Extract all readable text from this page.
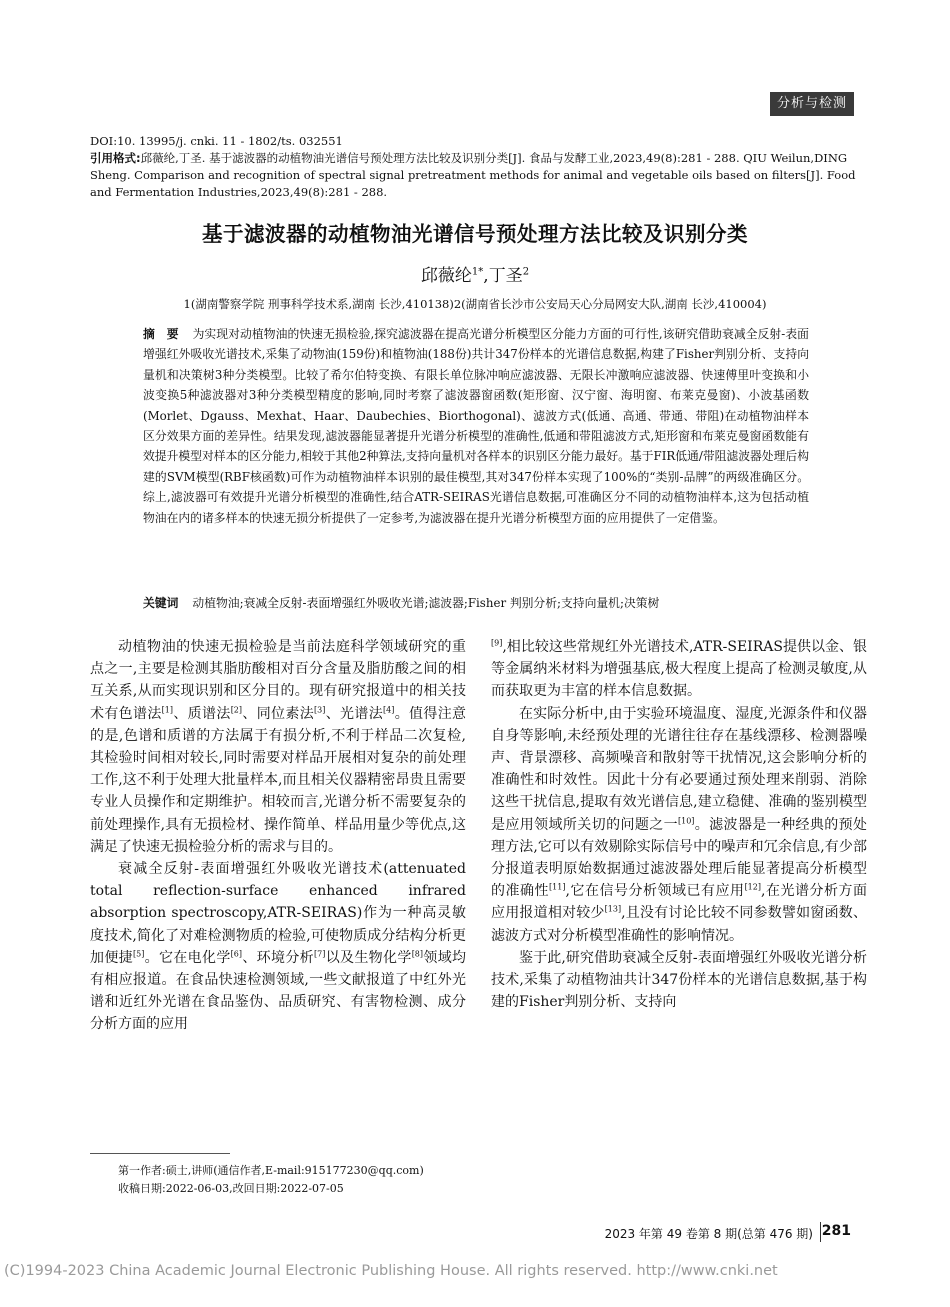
分析与检测
DOI:10. 13995/j. cnki. 11 - 1802/ts. 032551
引用格式:邱薇纶,丁圣. 基于滤波器的动植物油光谱信号预处理方法比较及识别分类[J]. 食品与发酵工业,2023,49(8):281 - 288. QIU Weilun,DING Sheng. Comparison and recognition of spectral signal pretreatment methods for animal and vegetable oils based on filters[J]. Food and Fermentation Industries,2023,49(8):281 - 288.
基于滤波器的动植物油光谱信号预处理方法比较及识别分类
邱薇纶$^{1*}$,丁圣$^2$
1(湖南警察学院 刑事科学技术系,湖南 长沙,410138)2(湖南省长沙市公安局天心分局网安大队,湖南 长沙,410004)
摘　要 为实现对动植物油的快速无损检验,探究滤波器在提高光谱分析模型区分能力方面的可行性,该研究借助衰减全反射-表面增强红外吸收光谱技术,采集了动物油(159份)和植物油(188份)共计347份样本的光谱信息数据,构建了Fisher判别分析、支持向量机和决策树3种分类模型。比较了希尔伯特变换、有限长单位脉冲响应滤波器、无限长冲激响应滤波器、快速傅里叶变换和小波变换5种滤波器对3种分类模型精度的影响,同时考察了滤波器窗函数(矩形窗、汉宁窗、海明窗、布莱克曼窗)、小波基函数(Morlet、Dgauss、Mexhat、Haar、Daubechies、Biorthogonal)、滤波方式(低通、高通、带通、带阻)在动植物油样本区分效果方面的差异性。结果发现,滤波器能显著提升光谱分析模型的准确性,低通和带阻滤波方式,矩形窗和布莱克曼窗函数能有效提升模型对样本的区分能力,相较于其他2种算法,支持向量机对各样本的识别区分能力最好。基于FIR低通/带阻滤波器处理后构建的SVM模型(RBF核函数)可作为动植物油样本识别的最佳模型,其对347份样本实现了100%的“类别-品牌”的两级准确区分。综上,滤波器可有效提升光谱分析模型的准确性,结合ATR-SEIRAS光谱信息数据,可准确区分不同的动植物油样本,这为包括动植物油在内的诸多样本的快速无损分析提供了一定参考,为滤波器在提升光谱分析模型方面的应用提供了一定借鉴。
关键词 动植物油;衰减全反射-表面增强红外吸收光谱;滤波器;Fisher 判别分析;支持向量机;决策树

动植物油的快速无损检验是当前法庭科学领域研究的重点之一,主要是检测其脂肪酸相对百分含量及脂肪酸之间的相互关系,从而实现识别和区分目的。现有研究报道中的相关技术有色谱法[1]、质谱法[2]、同位素法[3]、光谱法[4]。值得注意的是,色谱和质谱的方法属于有损分析,不利于样品二次复检,其检验时间相对较长,同时需要对样品开展相对复杂的前处理工作,这不利于处理大批量样本,而且相关仪器精密昂贵且需要专业人员操作和定期维护。相较而言,光谱分析不需要复杂的前处理操作,具有无损检材、操作简单、样品用量少等优点,这满足了快速无损检验分析的需求与目的。

衰减全反射-表面增强红外吸收光谱技术(attenuated total reflection-surface enhanced infrared absorption spectroscopy,ATR-SEIRAS)作为一种高灵敏度技术,简化了对难检测物质的检验,可使物质成分结构分析更加便捷[5]。它在电化学[6]、环境分析[7]以及生物化学[8]领域均有相应报道。在食品快速检测领域,一些文献报道了中红外光谱和近红外光谱在食品鉴伪、品质研究、有害物检测、成分分析方面的应用

[9],相比较这些常规红外光谱技术,ATR-SEIRAS提供以金、银等金属纳米材料为增强基底,极大程度上提高了检测灵敏度,从而获取更为丰富的样本信息数据。

在实际分析中,由于实验环境温度、湿度,光源条件和仪器自身等影响,未经预处理的光谱往往存在基线漂移、检测器噪声、背景漂移、高频噪音和散射等干扰情况,这会影响分析的准确性和时效性。因此十分有必要通过预处理来削弱、消除这些干扰信息,提取有效光谱信息,建立稳健、准确的鉴别模型是应用领域所关切的问题之一[10]。滤波器是一种经典的预处理方法,它可以有效剔除实际信号中的噪声和冗余信息,有少部分报道表明原始数据通过滤波器处理后能显著提高分析模型的准确性[11],它在信号分析领域已有应用[12],在光谱分析方面应用报道相对较少[13],且没有讨论比较不同参数譬如窗函数、滤波方式对分析模型准确性的影响情况。

鉴于此,研究借助衰减全反射-表面增强红外吸收光谱分析技术,采集了动植物油共计347份样本的光谱信息数据,基于构建的Fisher判别分析、支持向

第一作者:硕士,讲师(通信作者,E-mail:915177230@qq.com)
收稿日期:2022-06-03,改回日期:2022-07-05
2023 年第 49 卷第 8 期(总第 476 期) 281
(C)1994-2023 China Academic Journal Electronic Publishing House. All rights reserved. http://www.cnki.net
